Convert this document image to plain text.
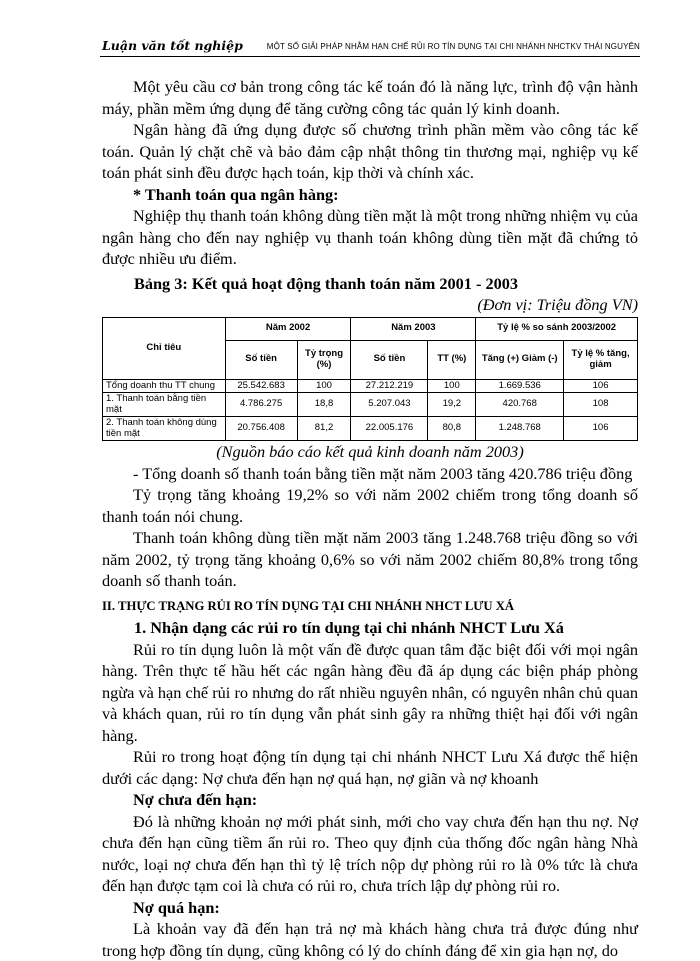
Luận văn tốt nghiệp	MỘT SỐ GIẢI PHÁP NHẰM HẠN CHẾ RỦI RO TÍN DỤNG TẠI CHI NHÁNH NHCTKV THÁI NGUYÊN

Một yêu cầu cơ bản trong công tác kế toán đó là năng lực, trình độ vận hành máy, phần mềm ứng dụng để tăng cường công tác quản lý kinh doanh.

Ngân hàng đã ứng dụng được số chương trình phần mềm vào công tác kế toán. Quản lý chặt chẽ và bảo đảm cập nhật thông tin thương mại, nghiệp vụ kế toán phát sinh đều được hạch toán, kịp thời và chính xác.

* Thanh toán qua ngân hàng:

Nghiệp thụ thanh toán không dùng tiền mặt là một trong những nhiệm vụ của ngân hàng cho đến nay nghiệp vụ thanh toán không dùng tiền mặt đã chứng tỏ được nhiều ưu điểm.

Bảng 3: Kết quả hoạt động thanh toán năm 2001 - 2003

(Đơn vị: Triệu đồng VN)

Chỉ tiêu	Năm 2002		Năm 2003		Tỷ lệ % so sánh 2003/2002	
	Số tiền	Tỷ trọng (%)	Số tiền	TT (%)	Tăng (+) Giảm (-)	Tỷ lệ % tăng, giảm
Tổng doanh thu TT chung	25.542.683	100	27.212.219	100	1.669.536	106
1. Thanh toán bằng tiền mặt	4.786.275	18,8	5.207.043	19,2	420.768	108
2. Thanh toán không dùng tiền mặt	20.756.408	81,2	22.005.176	80,8	1.248.768	106

(Nguồn báo cáo kết quả kinh doanh năm 2003)

- Tổng doanh số thanh toán bằng tiền mặt năm 2003 tăng 420.786 triệu đồng

Tỷ trọng tăng khoảng 19,2% so với năm 2002 chiếm trong tổng doanh số thanh toán nói chung.

Thanh toán không dùng tiền mặt năm 2003 tăng 1.248.768 triệu đồng so với năm 2002, tỷ trọng tăng khoảng 0,6% so với năm 2002 chiếm 80,8% trong tổng doanh số thanh toán.

II. THỰC TRẠNG RỦI RO TÍN DỤNG TẠI CHI NHÁNH NHCT LƯU XÁ

1. Nhận dạng các rủi ro tín dụng tại chi nhánh NHCT Lưu Xá

Rủi ro tín dụng luôn là một vấn đề được quan tâm đặc biệt đối với mọi ngân hàng. Trên thực tế hầu hết các ngân hàng đều đã áp dụng các biện pháp phòng ngừa và hạn chế rủi ro nhưng do rất nhiều nguyên nhân, có nguyên nhân chủ quan và khách quan, rủi ro tín dụng vẫn phát sinh gây ra những thiệt hại đối với ngân hàng.

Rủi ro trong hoạt động tín dụng tại chi nhánh NHCT Lưu Xá được thể hiện dưới các dạng: Nợ chưa đến hạn nợ quá hạn, nợ giãn và nợ khoanh

Nợ chưa đến hạn:

Đó là những khoản nợ mới phát sinh, mới cho vay chưa đến hạn thu nợ. Nợ chưa đến hạn cũng tiềm ẩn rủi ro. Theo quy định của thống đốc ngân hàng Nhà nước, loại nợ chưa đến hạn thì tỷ lệ trích nộp dự phòng rủi ro là 0% tức là chưa đến hạn được tạm coi là chưa có rủi ro, chưa trích lập dự phòng rủi ro.

Nợ quá hạn:

Là khoản vay đã đến hạn trả nợ mà khách hàng chưa trả được đúng như trong hợp đồng tín dụng, cũng không có lý do chính đáng để xin gia hạn nợ, do
